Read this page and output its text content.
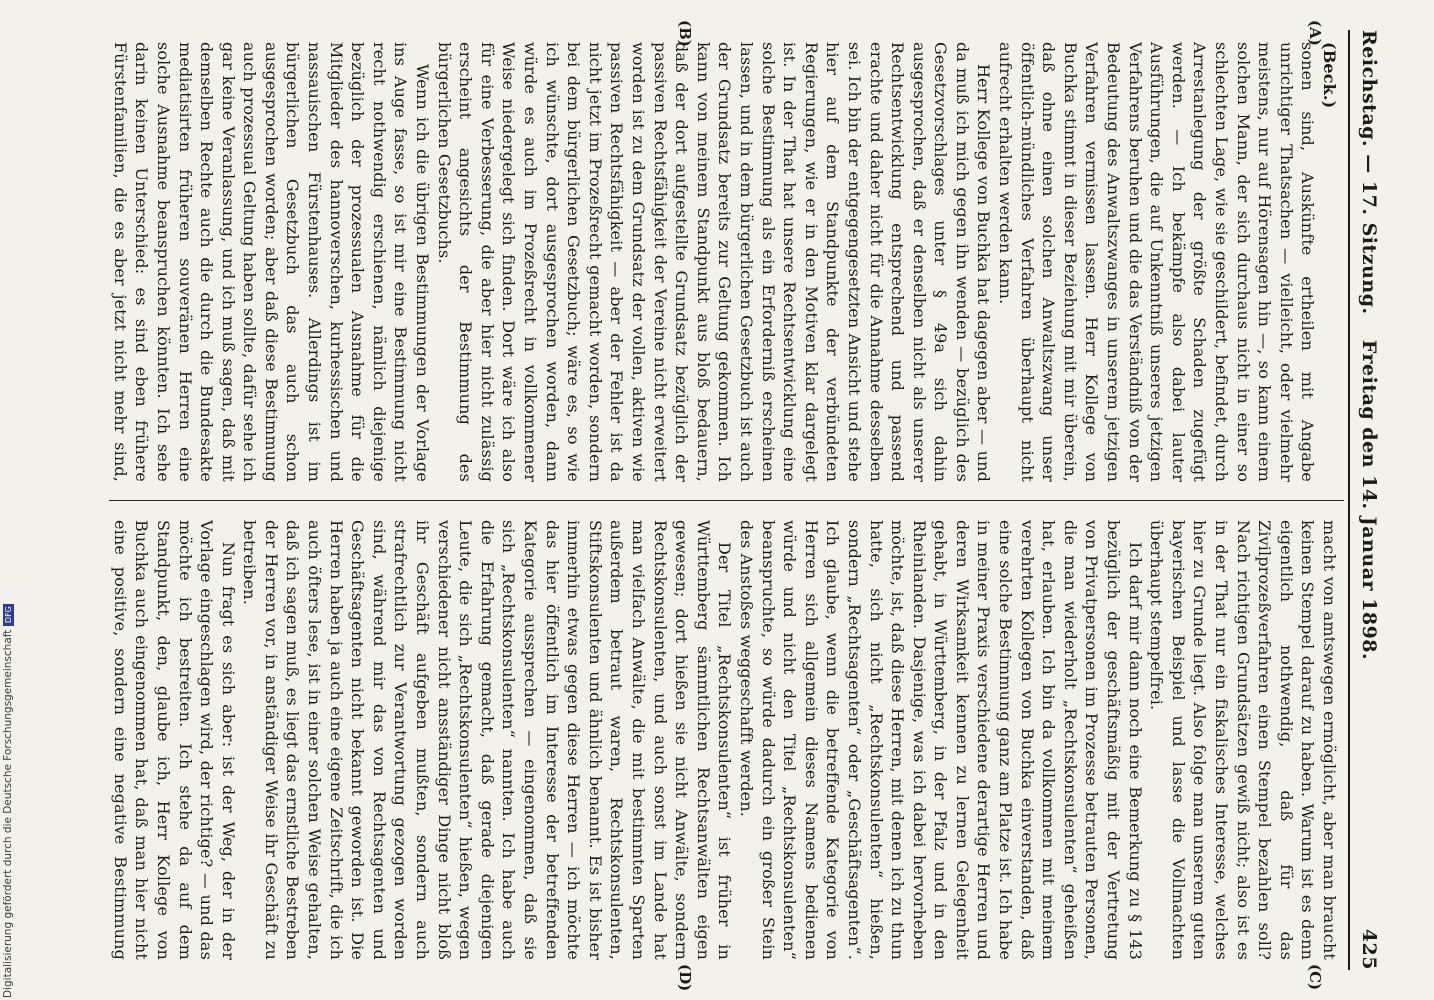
Reichstag. — 17. Sitzung.
Freitag den 14. Januar 1898.
425
(A)
(B)
(C)
(D)

(Beck.)

sonen sind, Auskünfte ertheilen mit Angabe unrichtiger Thatsachen — vielleicht, oder vielmehr meistens, nur auf Hörensagen hin —, so kann einem solchen Mann, der sich durchaus nicht in einer so schlechten Lage, wie sie geschildert, befindet, durch Arrestanlegung der größte Schaden zugefügt werden. — Ich bekämpfe also dabei lauter Ausführungen, die auf Unkenntniß unseres jetzigen Verfahrens beruhen und die das Verständniß von der Bedeutung des Anwaltszwanges in unserem jetzigen Verfahren vermissen lassen. Herr Kollege von Buchka stimmt in dieser Beziehung mit mir überein, daß ohne einen solchen Anwaltszwang unser öffentlich-mündliches Verfahren überhaupt nicht aufrecht erhalten werden kann.

Herr Kollege von Buchka hat dagegen aber — und da muß ich mich gegen ihn wenden — bezüglich des Gesetzvorschlages unter § 49a sich dahin ausgesprochen, daß er denselben nicht als unserer Rechtsentwicklung entsprechend und passend erachte und daher nicht für die Annahme desselben sei. Ich bin der entgegengesetzten Ansicht und stehe hier auf dem Standpunkte der verbündeten Regierungen, wie er in den Motiven klar dargelegt ist. In der That hat unsere Rechtsentwicklung eine solche Bestimmung als ein Erforderniß erscheinen lassen, und in dem bürgerlichen Gesetzbuch ist auch der Grundsatz bereits zur Geltung gekommen. Ich kann von meinem Standpunkt aus bloß bedauern, daß der dort aufgestellte Grundsatz bezüglich der passiven Rechtsfähigkeit der Vereine nicht erweitert worden ist zu dem Grundsatz der vollen, aktiven wie passiven Rechtsfähigkeit — aber der Fehler ist da nicht jetzt im Prozeßrecht gemacht worden, sondern bei dem bürgerlichen Gesetzbuch; wäre es, so wie ich wünschte, dort ausgesprochen worden, dann würde es auch im Prozeßrecht in vollkommener Weise niedergelegt sich finden. Dort wäre ich also für eine Verbesserung, die aber hier nicht zulässig erscheint angesichts der Bestimmung des bürgerlichen Gesetzbuchs.

Wenn ich die übrigen Bestimmungen der Vorlage ins Auge fasse, so ist mir eine Bestimmung nicht recht nothwendig erschienen, nämlich diejenige bezüglich der prozessualen Ausnahme für die Mitglieder des hannoverschen, kurhessischen und nassauischen Fürstenhauses. Allerdings ist im bürgerlichen Gesetzbuch das auch schon ausgesprochen worden; aber daß diese Bestimmung auch prozessual Geltung haben sollte, dafür sehe ich gar keine Veranlassung, und ich muß sagen, daß mit demselben Rechte auch die durch die Bundesakte mediatisirten früheren souveränen Herren eine solche Ausnahme beanspruchen könnten. Ich sehe darin keinen Unterschied: es sind eben frühere Fürstenfamilien, die es aber jetzt nicht mehr sind,

macht von amtswegen ermöglicht, aber man braucht keinen Stempel darauf zu haben. Warum ist es denn eigentlich nothwendig, daß für das Zivilprozeßverfahren einen Stempel bezahlen soll? Nach richtigen Grundsätzen gewiß nicht; also ist es in der That nur ein fiskalisches Interesse, welches hier zu Grunde liegt. Also folge man unserem guten bayerischen Beispiel und lasse die Vollmachten überhaupt stempelfrei.

Ich darf mir dann noch eine Bemerkung zu § 143 bezüglich der geschäftsmäßig mit der Vertretung von Privatpersonen im Prozesse betrauten Personen, die man wiederholt „Rechtskonsulenten“ geheißen hat, erlauben. Ich bin da vollkommen mit meinem verehrten Kollegen von Buchka einverstanden, daß eine solche Bestimmung ganz am Platze ist. Ich habe in meiner Praxis verschiedene derartige Herren und deren Wirksamkeit kennen zu lernen Gelegenheit gehabt, in Württemberg, in der Pfalz und in den Rheinlanden. Dasjenige, was ich dabei hervorheben möchte, ist, daß diese Herren, mit denen ich zu thun hatte, sich nicht „Rechtskonsulenten“ hießen, sondern „Rechtsagenten“ oder „Geschäftsagenten“. Ich glaube, wenn die betreffende Kategorie von Herren sich allgemein dieses Namens bedienen würde und nicht den Titel „Rechtskonsulenten“ beanspruchte, so würde dadurch ein großer Stein des Anstoßes weggeschafft werden.

Der Titel „Rechtskonsulenten“ ist früher in Württemberg sämmtlichen Rechtsanwälten eigen gewesen; dort hießen sie nicht Anwälte, sondern Rechtskonsulenten, und auch sonst im Lande hat man vielfach Anwälte, die mit bestimmten Sparten außerdem betraut waren, Rechtskonsulenten, Stiftskonsulenten und ähnlich benannt. Es ist bisher immerhin etwas gegen diese Herren — ich möchte das hier öffentlich im Interesse der betreffenden Kategorie aussprechen — eingenommen, daß sie sich „Rechtskonsulenten“ nannten. Ich habe auch die Erfahrung gemacht, daß gerade diejenigen Leute, die sich „Rechtskonsulenten“ hießen, wegen verschiedener nicht ansständiger Dinge nicht bloß ihr Geschäft aufgeben mußten, sondern auch strafrechtlich zur Verantwortung gezogen worden sind, während mir das von Rechtsagenten und Geschäftsagenten nicht bekannt geworden ist. Die Herren haben ja auch eine eigene Zeitschrift, die ich auch öfters lese, ist in einer solchen Weise gehalten, daß ich sagen muß, es liegt das ernstliche Bestreben der Herren vor, in anständiger Weise ihr Geschäft zu betreiben.

Nun fragt es sich aber: ist der Weg, der in der Vorlage eingeschlagen wird, der richtige? — und das möchte ich bestreiten. Ich stehe da auf dem Standpunkt, den, glaube ich, Herr Kollege von Buchka auch eingenommen hat, daß man hier nicht eine positive, sondern eine negative Bestimmung

Digitalisierung gefördert durch die Deutsche ForschungsgemeinschaftDFG
